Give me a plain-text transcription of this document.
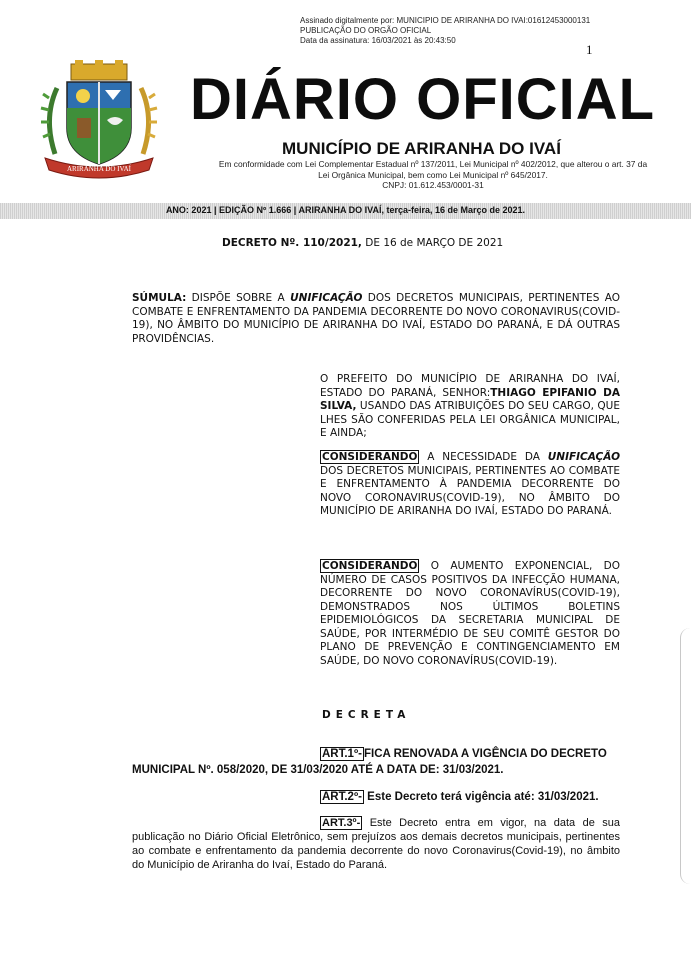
Assinado digitalmente por: MUNICIPIO DE ARIRANHA DO IVAI:01612453000131
PUBLICAÇÃO DO ORGÃO OFICIAL
Data da assinatura: 16/03/2021 às 20:43:50
1
ARIRANHA DO IVAÍ
DIÁRIO OFICIAL
MUNICÍPIO DE ARIRANHA DO IVAÍ
Em conformidade com Lei Complementar Estadual nº 137/2011, Lei Municipal nº 402/2012, que alterou o art. 37 da
Lei Orgânica Municipal, bem como Lei Municipal nº 645/2017.
CNPJ: 01.612.453/0001-31
ANO: 2021 | EDIÇÃO Nº 1.666 | ARIRANHA DO IVAÍ, terça-feira, 16 de Março de 2021.
DECRETO Nº. 110/2021, DE 16 de MARÇO DE 2021
SÚMULA: DISPÕE SOBRE A UNIFICAÇÃO DOS DECRETOS MUNICIPAIS, PERTINENTES AO COMBATE E ENFRENTAMENTO DA PANDEMIA DECORRENTE DO NOVO CORONAVIRUS(COVID-19), NO ÂMBITO DO MUNICÍPIO DE ARIRANHA DO IVAÍ, ESTADO DO PARANÁ, E DÁ OUTRAS PROVIDÊNCIAS.
O PREFEITO DO MUNICÍPIO DE ARIRANHA DO IVAÍ, ESTADO DO PARANÁ, SENHOR:THIAGO EPIFANIO DA SILVA, USANDO DAS ATRIBUIÇÕES DO SEU CARGO, QUE LHES SÃO CONFERIDAS PELA LEI ORGÂNICA MUNICIPAL, E AINDA;
CONSIDERANDO A NECESSIDADE DA UNIFICAÇÃO DOS DECRETOS MUNICIPAIS, PERTINENTES AO COMBATE E ENFRENTAMENTO À PANDEMIA DECORRENTE DO NOVO CORONAVIRUS(COVID-19), NO ÂMBITO DO MUNICÍPIO DE ARIRANHA DO IVAÍ, ESTADO DO PARANÁ.
CONSIDERANDO O AUMENTO EXPONENCIAL, DO NÚMERO DE CASOS POSITIVOS DA INFECÇÃO HUMANA, DECORRENTE DO NOVO CORONAVÍRUS(COVID-19), DEMONSTRADOS NOS ÚLTIMOS BOLETINS EPIDEMIOLÓGICOS DA SECRETARIA MUNICIPAL DE SAÚDE, POR INTERMÉDIO DE SEU COMITÊ GESTOR DO PLANO DE PREVENÇÃO E CONTINGENCIAMENTO EM SAÚDE, DO NOVO CORONAVÍRUS(COVID-19).
DECRETA
ART.1º- FICA RENOVADA A VIGÊNCIA DO DECRETO MUNICIPAL Nº. 058/2020, DE 31/03/2020 ATÉ A DATA DE: 31/03/2021.
ART.2º- Este Decreto terá vigência até: 31/03/2021.
ART.3º- Este Decreto entra em vigor, na data de sua publicação no Diário Oficial Eletrônico, sem prejuízos aos demais decretos municipais, pertinentes ao combate e enfrentamento da pandemia decorrente do novo Coronavirus(Covid-19), no âmbito do Município de Ariranha do Ivaí, Estado do Paraná.
